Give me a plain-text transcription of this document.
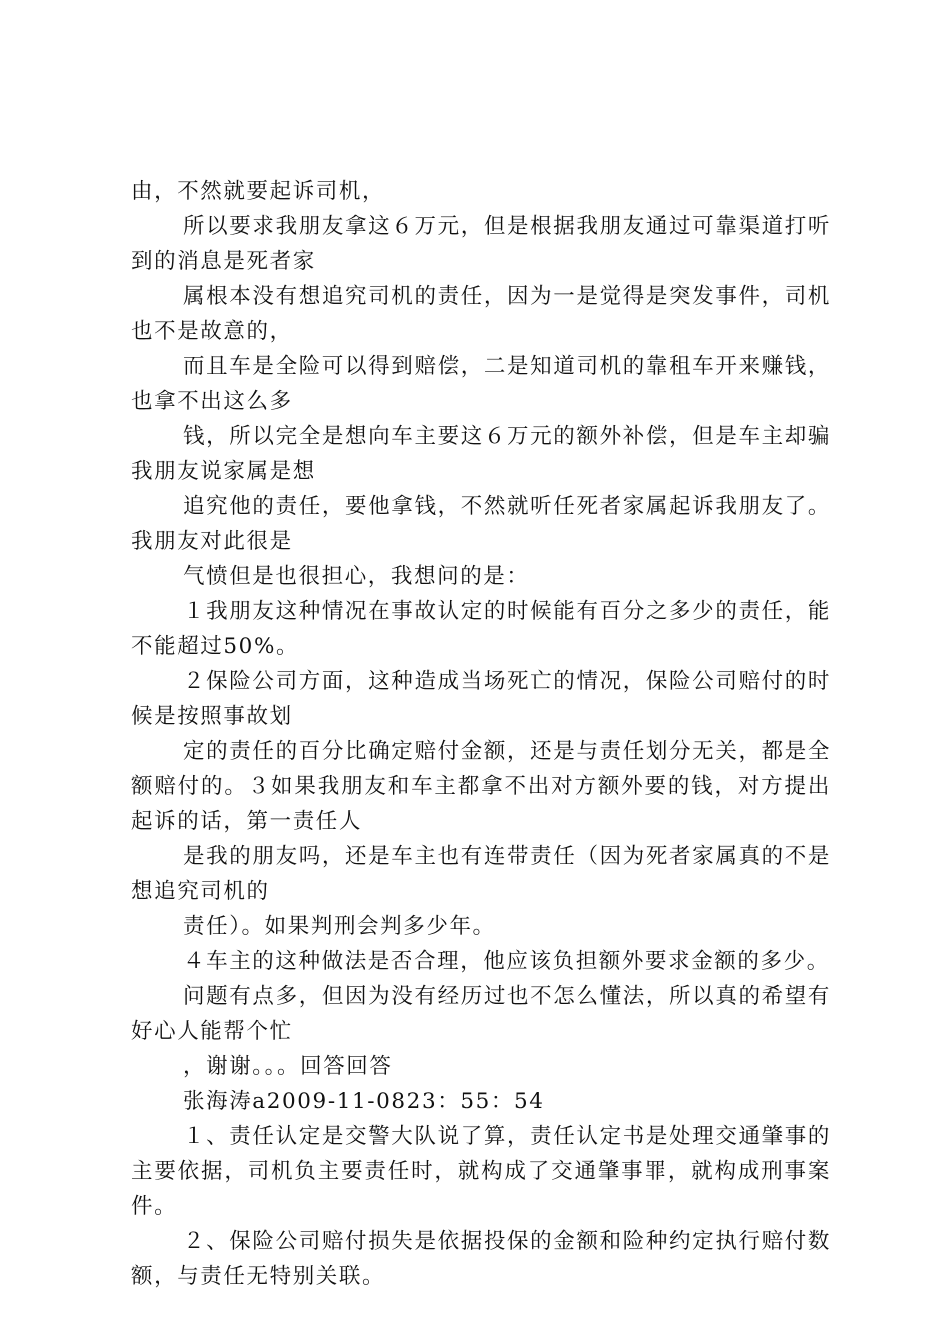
由，不然就要起诉司机，

所以要求我朋友拿这６万元，但是根据我朋友通过可靠渠道打听到的消息是死者家

属根本没有想追究司机的责任，因为一是觉得是突发事件，司机也不是故意的，

而且车是全险可以得到赔偿，二是知道司机的靠租车开来赚钱，也拿不出这么多

钱，所以完全是想向车主要这６万元的额外补偿，但是车主却骗我朋友说家属是想

追究他的责任，要他拿钱，不然就听任死者家属起诉我朋友了。我朋友对此很是

气愤但是也很担心，我想问的是：

１我朋友这种情况在事故认定的时候能有百分之多少的责任，能不能超过50%。

２保险公司方面，这种造成当场死亡的情况，保险公司赔付的时候是按照事故划

定的责任的百分比确定赔付金额，还是与责任划分无关，都是全额赔付的。３如果我朋友和车主都拿不出对方额外要的钱，对方提出起诉的话，第一责任人

是我的朋友吗，还是车主也有连带责任（因为死者家属真的不是想追究司机的

责任）。如果判刑会判多少年。

４车主的这种做法是否合理，他应该负担额外要求金额的多少。

问题有点多，但因为没有经历过也不怎么懂法，所以真的希望有好心人能帮个忙

，谢谢。。。回答回答

张海涛a2009-11-0823：55：54

１、责任认定是交警大队说了算，责任认定书是处理交通肇事的主要依据，司机负主要责任时，就构成了交通肇事罪，就构成刑事案件。

２、保险公司赔付损失是依据投保的金额和险种约定执行赔付数额，与责任无特别关联。
